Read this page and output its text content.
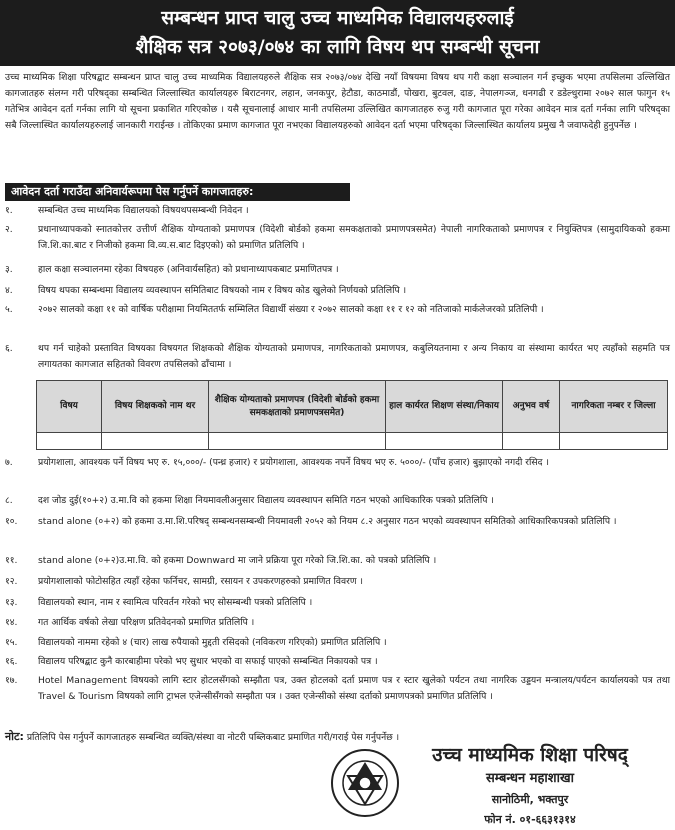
सम्बन्धन प्राप्त चालु उच्च माध्यमिक विद्यालयहरुलाई
शैक्षिक सत्र २०७३/०७४ का लागि विषय थप सम्बन्धी सूचना
उच्च माध्यमिक शिक्षा परिषद्बाट सम्बन्धन प्राप्त चालु उच्च माध्यमिक विद्यालयहरुले शैक्षिक सत्र २०७३/०७४ देखि नयाँ विषयमा विषय थप गरी कक्षा सञ्चालन गर्न इच्छुक भएमा तपसिलमा उल्लिखित कागजातहरु संलग्न गरी परिषद्का सम्बन्धित जिल्लास्थित कार्यालयहरु बिराटनगर, लहान, जनकपुर, हेटौडा, काठमाडौं, पोखरा, बुटवल, दाङ, नेपालगञ्ज, धनगढी र डडेल्धुरामा २०७२ साल फागुन १५ गतेभित्र आवेदन दर्ता गर्नका लागि यो सूचना प्रकाशित गरिएकोछ । यसै सूचनालाई आधार मानी तपसिलमा उल्लिखित कागजातहरु रुजु गरी कागजात पूरा गरेका आवेदन मात्र दर्ता गर्नका लागि परिषद्का सबै जिल्लास्थित कार्यालयहरुलाई जानकारी गराईन्छ । तोकिएका प्रमाण कागजात पूरा नभएका विद्यालयहरुको आवेदन दर्ता भएमा परिषद्का जिल्लास्थित कार्यालय प्रमुख नै जवाफदेही हुनुपर्नेछ ।
आवेदन दर्ता गराउँदा अनिवार्यरूपमा पेस गर्नुपर्ने कागजातहरु:
१.	सम्बन्धित उच्च माध्यमिक विद्यालयको विषयथपसम्बन्धी निवेदन ।
२.	प्रधानाध्यापकको स्नातकोत्तर उत्तीर्ण शैक्षिक योग्यताको प्रमाणपत्र (विदेशी बोर्डको हकमा समकक्षताको प्रमाणपत्रसमेत) नेपाली नागरिकताको प्रमाणपत्र र नियुक्तिपत्र (सामुदायिकको हकमा जि.शि.का.बाट र निजीको हकमा वि.व्य.स.बाट दिइएको) को प्रमाणित प्रतिलिपि ।
३.	हाल कक्षा सञ्चालनमा रहेका विषयहरु (अनिवार्यसहित) को प्रधानाध्यापकबाट प्रमाणितपत्र ।
४.	विषय थपका सम्बन्धमा विद्यालय व्यवस्थापन समितिबाट विषयको नाम र विषय कोड खुलेको निर्णयको प्रतिलिपि ।
५.	२०७२ सालको कक्षा ११ को वार्षिक परीक्षामा नियमिततर्फ सम्मिलित विद्यार्थी संख्या र २०७२ सालको कक्षा ११ र १२ को नतिजाको मार्कलेजरको प्रतिलिपी ।
६.	थप गर्न चाहेको प्रस्तावित विषयका विषयगत शिक्षकको शैक्षिक योग्यताको प्रमाणपत्र, नागरिकताको प्रमाणपत्र, कबुलियतनामा र अन्य निकाय वा संस्थामा कार्यरत भए त्यहाँको सहमति पत्र लगायतका कागजात सहितको विवरण तपसिलको ढाँचामा ।
विषय	विषय शिक्षकको नाम थर	शैक्षिक योग्यताको प्रमाणपत्र (विदेशी बोर्डको हकमा समकक्षताको प्रमाणपत्रसमेत)	हाल कार्यरत शिक्षण संस्था/निकाय	अनुभव वर्ष	नागरिकता नम्बर र जिल्ला

७.	प्रयोगशाला, आवश्यक पर्ने विषय भए रु. १५,०००/- (पन्ध्र हजार) र प्रयोगशाला, आवश्यक नपर्ने विषय भए रु. ५०००/- (पाँच हजार) बुझाएको नगदी रसिद ।
८.	दश जोड दुई(१०+२) उ.मा.वि को हकमा शिक्षा नियमावलीअनुसार विद्यालय व्यवस्थापन समिति गठन भएको आधिकारिक पत्रको प्रतिलिपि ।
१०.	stand alone (०+२) को हकमा उ.मा.शि.परिषद् सम्बन्धनसम्बन्धी नियमावली २०५२ को नियम ८.२ अनुसार गठन भएको व्यवस्थापन समितिको आधिकारिकपत्रको प्रतिलिपि ।
११.	stand alone (०+२)उ.मा.वि. को हकमा Downward मा जाने प्रक्रिया पूरा गरेको जि.शि.का. को पत्रको प्रतिलिपि ।
१२.	प्रयोगशालाको फोटोसहित त्यहाँ रहेका फर्निचर, सामग्री, रसायन र उपकरणहरुको प्रमाणित विवरण ।
१३.	विद्यालयको स्थान, नाम र स्वामित्व परिवर्तन गरेको भए सोसम्बन्धी पत्रको प्रतिलिपि ।
१४.	गत आर्थिक वर्षको लेखा परिक्षण प्रतिवेदनको प्रमाणित प्रतिलिपि ।
१५.	विद्यालयको नाममा रहेको ४ (चार) लाख रुपैयाको मुद्दती रसिदको (नविकरण गरिएको) प्रमाणित प्रतिलिपि ।
१६.	विद्यालय परिषद्बाट कुनै कारबाहीमा परेको भए सुधार भएको वा सफाई पाएको सम्बन्धित निकायको पत्र ।
१७.	Hotel Management विषयको लागि स्टार होटलसँगको सम्झौता पत्र, उक्त होटलको दर्ता प्रमाण पत्र र स्टार खुलेको पर्यटन तथा नागरिक उड्डयन मन्त्रालय/पर्यटन कार्यालयको पत्र तथा Travel & Tourism विषयको लागि ट्राभल एजेन्सीसँगको सम्झौता पत्र । उक्त एजेन्सीको संस्था दर्ताको प्रमाणपत्रको प्रमाणित प्रतिलिपि ।
नोट: प्रतिलिपि पेस गर्नुपर्ने कागजातहरु सम्बन्धित व्यक्ति/संस्था वा नोटरी पब्लिकबाट प्रमाणित गरी/गराई पेस गर्नुपर्नेछ ।
उच्च माध्यमिक शिक्षा परिषद्
सम्बन्धन महाशाखा
सानोठिमी, भक्तपुर
फोन नं. ०१-६६३१३१४
